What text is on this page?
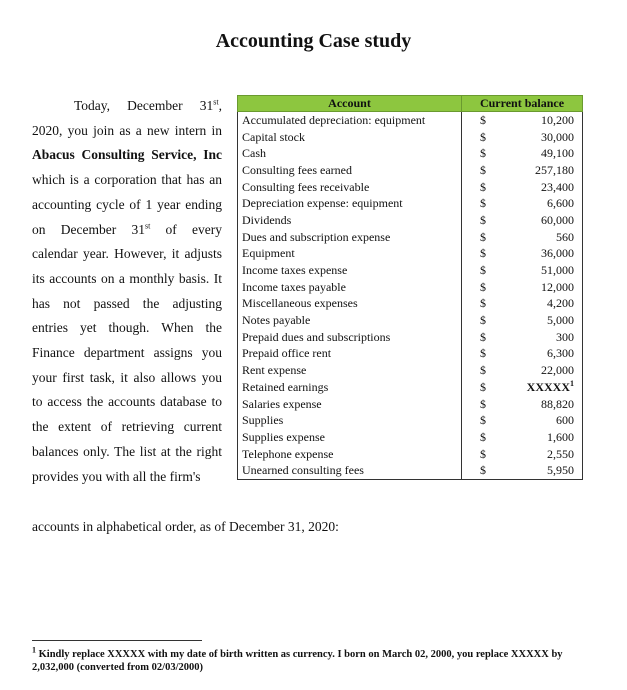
Accounting Case study
Today, December 31st, 2020, you join as a new intern in Abacus Consulting Service, Inc which is a corporation that has an accounting cycle of 1 year ending on December 31st of every calendar year. However, it adjusts its accounts on a monthly basis. It has not passed the adjusting entries yet though. When the Finance department assigns you your first task, it also allows you to access the accounts database to the extent of retrieving current balances only. The list at the right provides you with all the firm's
accounts in alphabetical order, as of December 31, 2020:
Account	Current balance	
Accumulated depreciation: equipment	$	10,200
Capital stock	$	30,000
Cash	$	49,100
Consulting fees earned	$	257,180
Consulting fees receivable	$	23,400
Depreciation expense: equipment	$	6,600
Dividends	$	60,000
Dues and subscription expense	$	560
Equipment	$	36,000
Income taxes expense	$	51,000
Income taxes payable	$	12,000
Miscellaneous expenses	$	4,200
Notes payable	$	5,000
Prepaid dues and subscriptions	$	300
Prepaid office rent	$	6,300
Rent expense	$	22,000
Retained earnings	$	XXXXX$^1$
Salaries expense	$	88,820
Supplies	$	600
Supplies expense	$	1,600
Telephone expense	$	2,550
Unearned consulting fees	$	5,950
$^1$ Kindly replace XXXXX with my date of birth written as currency. I born on March 02, 2000, you replace XXXXX by 2,032,000 (converted from 02/03/2000)
